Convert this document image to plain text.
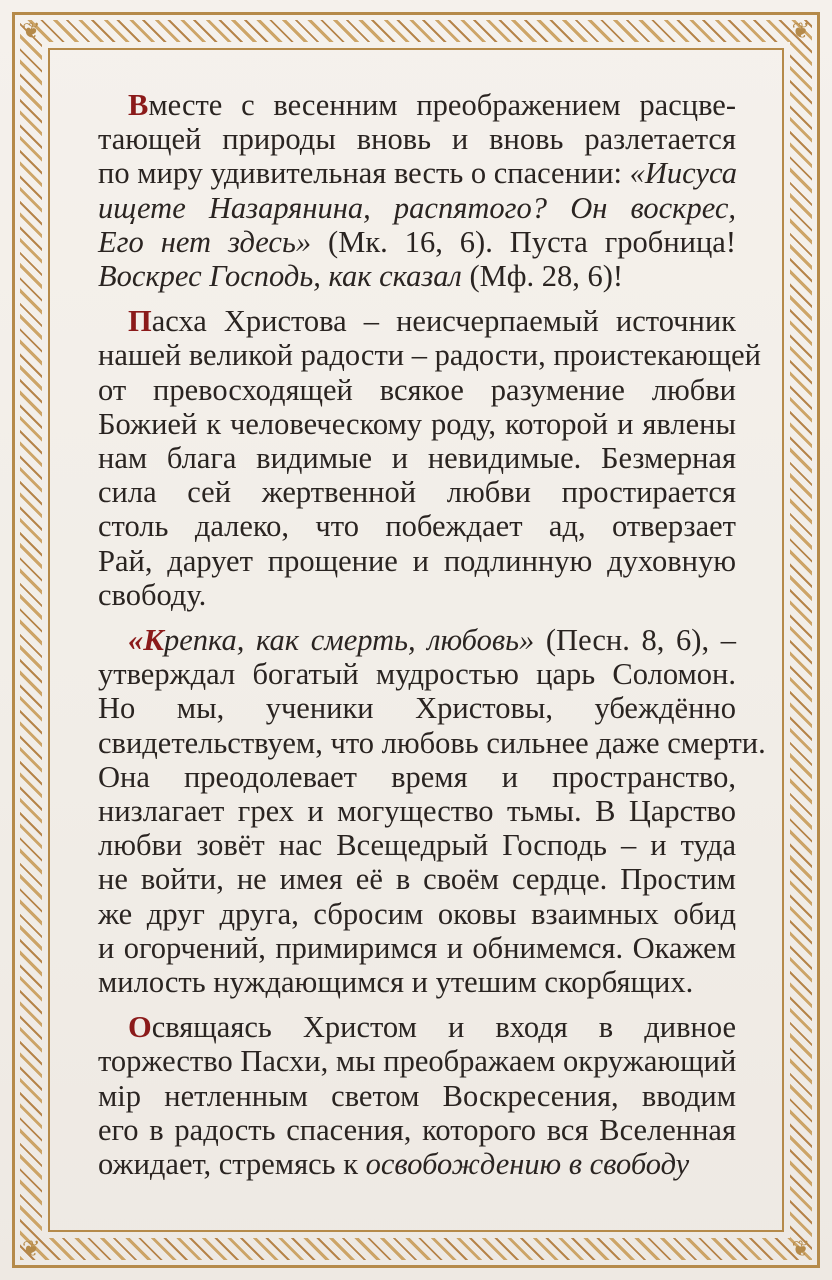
❦	❦
❦	❦
Вместе с весенним преображением расцве-
тающей природы вновь и вновь разлетается
по миру удивительная весть о спасении: «Иисуса
ищете Назарянина, распятого? Он воскрес,
Его нет здесь» (Мк. 16, 6). Пуста гробница!
Воскрес Господь, как сказал (Мф. 28, 6)!
Пасха Христова – неисчерпаемый источник
нашей великой радости – радости, проистекающей
от превосходящей всякое разумение любви
Божией к человеческому роду, которой и явлены
нам блага видимые и невидимые. Безмерная
сила сей жертвенной любви простирается
столь далеко, что побеждает ад, отверзает
Рай, дарует прощение и подлинную духовную
свободу.
«Крепка, как смерть, любовь» (Песн. 8, 6), –
утверждал богатый мудростью царь Соломон.
Но мы, ученики Христовы, убеждённо
свидетельствуем, что любовь сильнее даже смерти.
Она преодолевает время и пространство,
низлагает грех и могущество тьмы. В Царство
любви зовёт нас Всещедрый Господь – и туда
не войти, не имея её в своём сердце. Простим
же друг друга, сбросим оковы взаимных обид
и огорчений, примиримся и обнимемся. Окажем
милость нуждающимся и утешим скорбящих.
Освящаясь Христом и входя в дивное
торжество Пасхи, мы преображаем окружающий
мір нетленным светом Воскресения, вводим
его в радость спасения, которого вся Вселенная
ожидает, стремясь к освобождению в свободу
